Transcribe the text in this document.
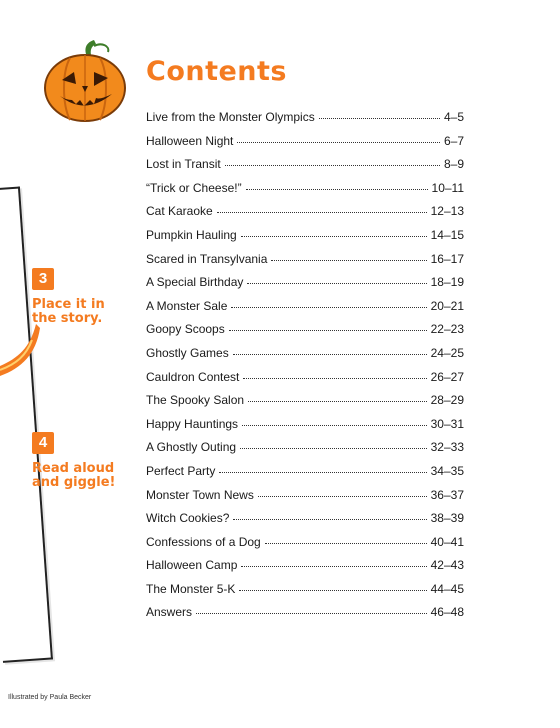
3
Place it in
the story.
4
Read aloud
and giggle!
Illustrated by Paula Becker
Contents
Live from the Monster Olympics	4–5
Halloween Night	6–7
Lost in Transit	8–9
“Trick or Cheese!”	10–11
Cat Karaoke	12–13
Pumpkin Hauling	14–15
Scared in Transylvania	16–17
A Special Birthday	18–19
A Monster Sale	20–21
Goopy Scoops	22–23
Ghostly Games	24–25
Cauldron Contest	26–27
The Spooky Salon	28–29
Happy Hauntings	30–31
A Ghostly Outing	32–33
Perfect Party	34–35
Monster Town News	36–37
Witch Cookies?	38–39
Confessions of a Dog	40–41
Halloween Camp	42–43
The Monster 5-K	44–45
Answers	46–48
